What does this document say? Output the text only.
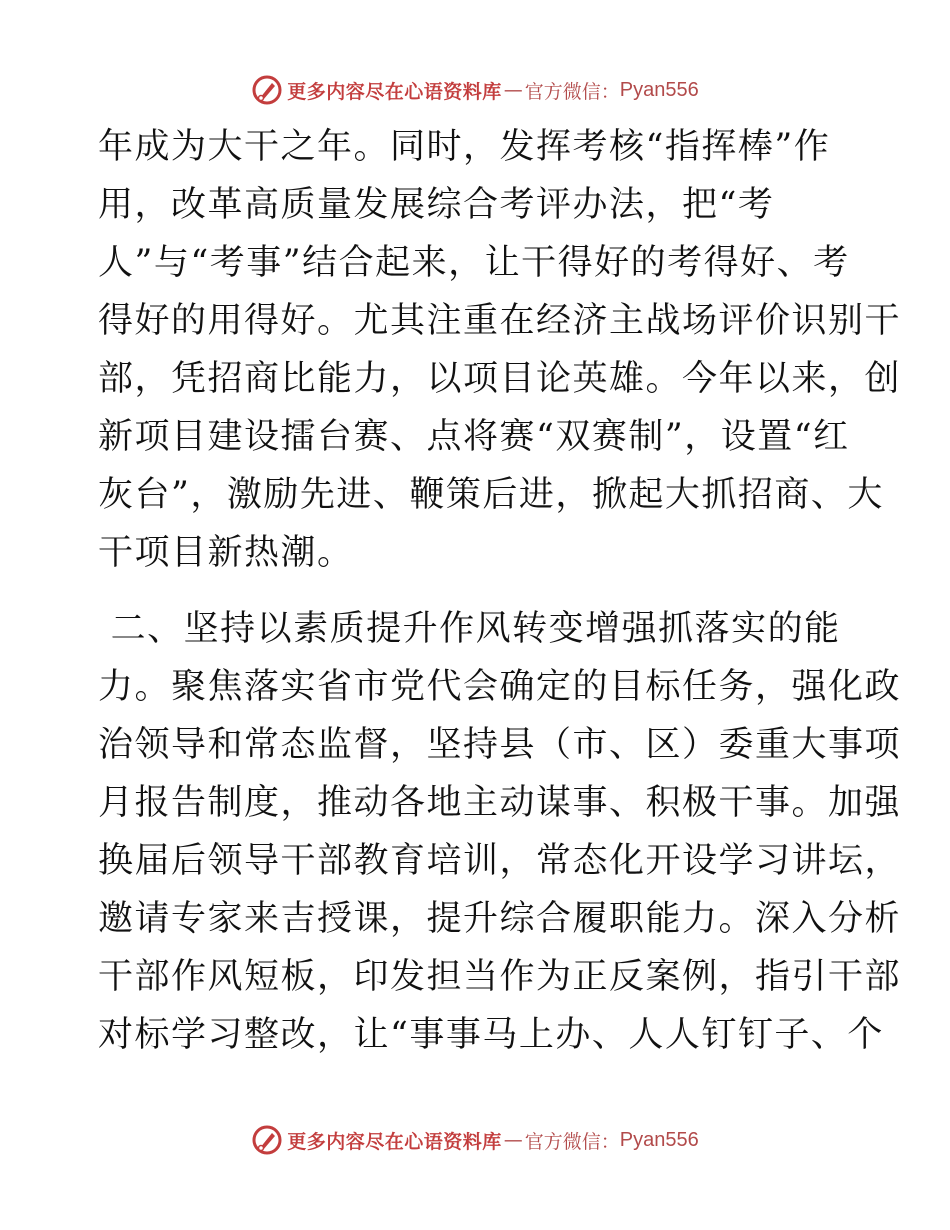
更多内容尽在心语资料库 — 官方微信： Pyan556
年成为大干之年。同时，发挥考核“指挥棒”作
用，改革高质量发展综合考评办法，把“考
人”与“考事”结合起来，让干得好的考得好、考
得好的用得好。尤其注重在经济主战场评价识别干
部，凭招商比能力，以项目论英雄。今年以来，创
新项目建设擂台赛、点将赛“双赛制”，设置“红
灰台”，激励先进、鞭策后进，掀起大抓招商、大
干项目新热潮。
二、坚持以素质提升作风转变增强抓落实的能
力。聚焦落实省市党代会确定的目标任务，强化政
治领导和常态监督，坚持县（市、区）委重大事项
月报告制度，推动各地主动谋事、积极干事。加强
换届后领导干部教育培训，常态化开设学习讲坛，
邀请专家来吉授课，提升综合履职能力。深入分析
干部作风短板，印发担当作为正反案例，指引干部
对标学习整改，让“事事马上办、人人钉钉子、个
更多内容尽在心语资料库 — 官方微信： Pyan556
